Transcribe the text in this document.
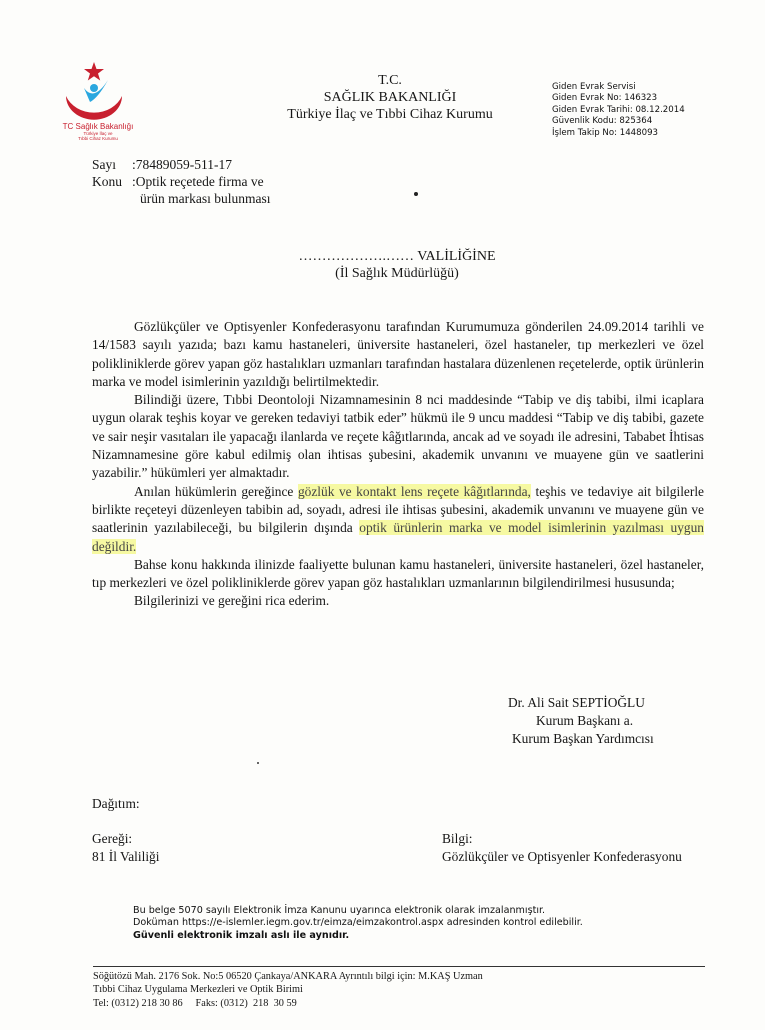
TC Sağlık Bakanlığı
Türkiye İlaç ve
Tıbbi Cihaz Kurumu
T.C.
SAĞLIK BAKANLIĞI
Türkiye İlaç ve Tıbbi Cihaz Kurumu
Giden Evrak Servisi
Giden Evrak No: 146323
Giden Evrak Tarihi: 08.12.2014
Güvenlik Kodu: 825364
İşlem Takip No: 1448093
Sayı :78489059-511-17
Konu :Optik reçetede firma ve
ürün markası bulunması
……………….…… VALİLİĞİNE
(İl Sağlık Müdürlüğü)

Gözlükçüler ve Optisyenler Konfederasyonu tarafından Kurumumuza gönderilen 24.09.2014 tarihli ve 14/1583 sayılı yazıda; bazı kamu hastaneleri, üniversite hastaneleri, özel hastaneler, tıp merkezleri ve özel polikliniklerde görev yapan göz hastalıkları uzmanları tarafından hastalara düzenlenen reçetelerde, optik ürünlerin marka ve model isimlerinin yazıldığı belirtilmektedir.

Bilindiği üzere, Tıbbi Deontoloji Nizamnamesinin 8 nci maddesinde “Tabip ve diş tabibi, ilmi icaplara uygun olarak teşhis koyar ve gereken tedaviyi tatbik eder” hükmü ile 9 uncu maddesi “Tabip ve diş tabibi, gazete ve sair neşir vasıtaları ile yapacağı ilanlarda ve reçete kâğıtlarında, ancak ad ve soyadı ile adresini, Tababet İhtisas Nizamnamesine göre kabul edilmiş olan ihtisas şubesini, akademik unvanını ve muayene gün ve saatlerini yazabilir.” hükümleri yer almaktadır.

Anılan hükümlerin gereğince gözlük ve kontakt lens reçete kâğıtlarında, teşhis ve tedaviye ait bilgilerle birlikte reçeteyi düzenleyen tabibin ad, soyadı, adresi ile ihtisas şubesini, akademik unvanını ve muayene gün ve saatlerinin yazılabileceği, bu bilgilerin dışında optik ürünlerin marka ve model isimlerinin yazılması uygun değildir.

Bahse konu hakkında ilinizde faaliyette bulunan kamu hastaneleri, üniversite hastaneleri, özel hastaneler, tıp merkezleri ve özel polikliniklerde görev yapan göz hastalıkları uzmanlarının bilgilendirilmesi hususunda;

Bilgilerinizi ve gereğini rica ederim.

Dr. Ali Sait SEPTİOĞLU
Kurum Başkanı a.
Kurum Başkan Yardımcısı
Dağıtım:
Gereği:
81 İl Valiliği
Bilgi:
Gözlükçüler ve Optisyenler Konfederasyonu
Bu belge 5070 sayılı Elektronik İmza Kanunu uyarınca elektronik olarak imzalanmıştır.
Doküman https://e-islemler.iegm.gov.tr/eimza/eimzakontrol.aspx adresinden kontrol edilebilir.
Güvenli elektronik imzalı aslı ile aynıdır.
Söğütözü Mah. 2176 Sok. No:5 06520 Çankaya/ANKARA Ayrıntılı bilgi için: M.KAŞ Uzman
Tıbbi Cihaz Uygulama Merkezleri ve Optik Birimi
Tel: (0312) 218 30 86     Faks: (0312)  218  30 59
